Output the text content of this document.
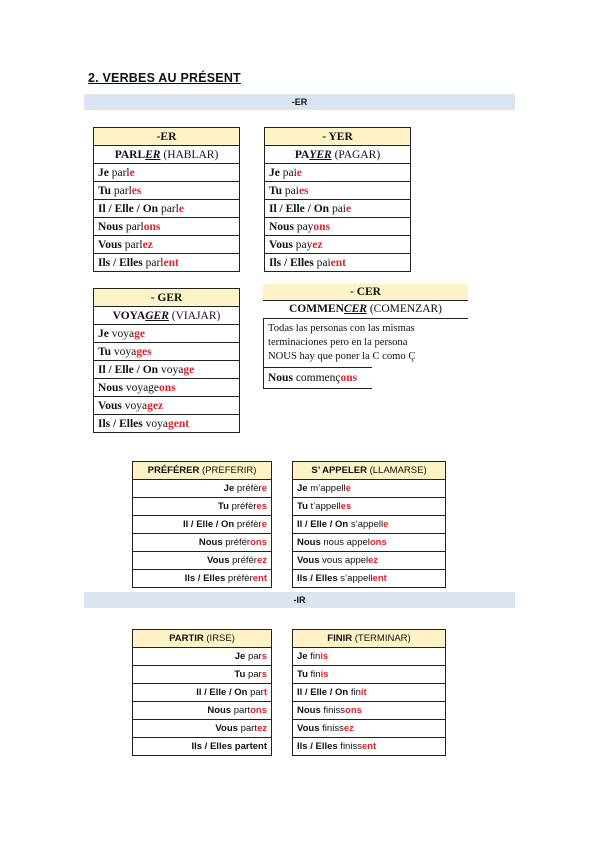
2. VERBES AU PRÉSENT
-ER
-ER
PARLER (HABLAR)
Je parle
Tu parles
Il / Elle / On parle
Nous parlons
Vous parlez
Ils / Elles parlent
- YER
PAYER (PAGAR)
Je paie
Tu paies
Il / Elle / On paie
Nous payons
Vous payez
Ils / Elles paient
- GER
VOYAGER (VIAJAR)
Je voyage
Tu voyages
Il / Elle / On voyage
Nous voyageons
Vous voyagez
Ils / Elles voyagent
- CER
COMMENCER (COMENZAR)
Todas las personas con las mismas
terminaciones pero en la persona
NOUS hay que poner la C como Ç
Nous commençons
PRÉFÉRER (PREFERIR)
Je préfère
Tu préfères
Il / Elle / On préfère
Nous préférons
Vous préférez
Ils / Elles préfèrent
S’ APPELER (LLAMARSE)
Je m’appelle
Tu t’appelles
Il / Elle / On s’appelle
Nous nous appelons
Vous vous appelez
Ils / Elles s’appellent
-IR
PARTIR (IRSE)
Je pars
Tu pars
Il / Elle / On part
Nous partons
Vous partez
Ils / Elles partent
FINIR (TERMINAR)
Je finis
Tu finis
Il / Elle / On finit
Nous finissons
Vous finissez
Ils / Elles finissent
